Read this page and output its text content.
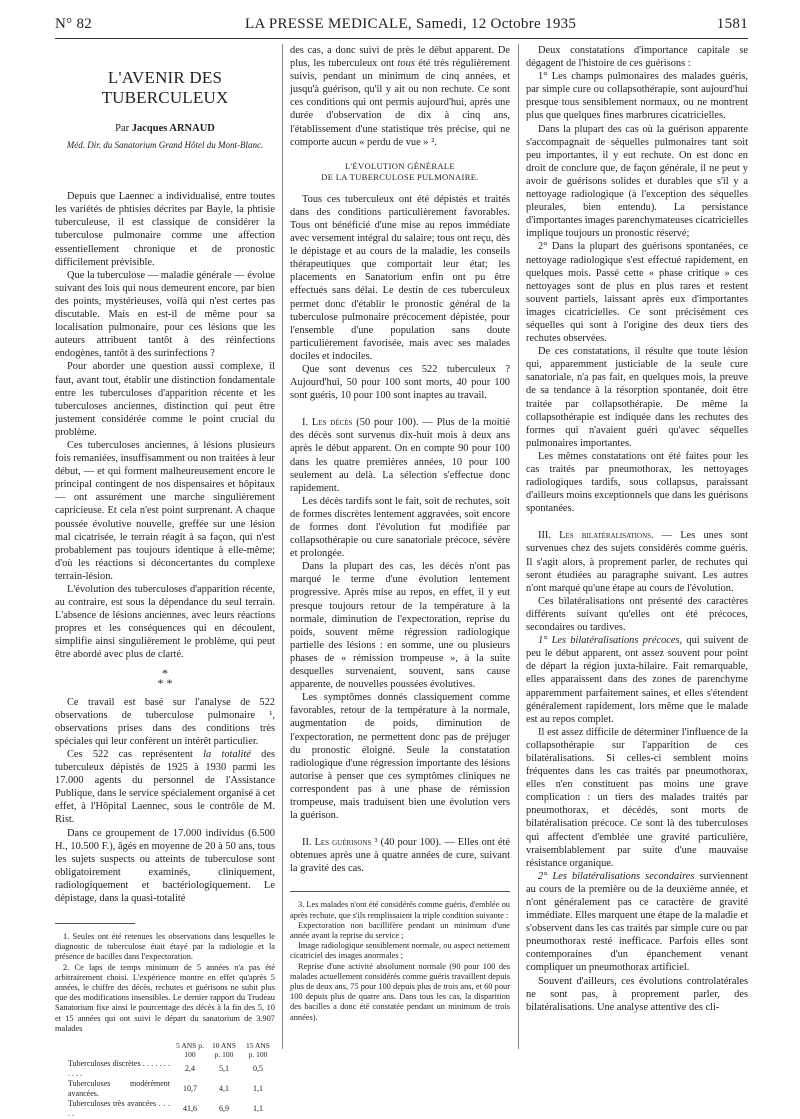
N° 82	LA PRESSE MEDICALE, Samedi, 12 Octobre 1935	1581

L'AVENIR DES TUBERCULEUX

Par Jacques ARNAUD

Méd. Dir. du Sanatorium Grand Hôtel du Mont-Blanc.

Depuis que Laennec a individualisé, entre toutes les variétés de phtisies décrites par Bayle, la phtisie tuberculeuse, il est classique de considérer la tuberculose pulmonaire comme une affection essentiellement chronique et de pronostic difficilement prévisible.

Que la tuberculose — maladie générale — évolue suivant des lois qui nous demeurent encore, par bien des points, mystérieuses, voilà qui n'est certes pas discutable. Mais en est-il de même pour sa localisation pulmonaire, pour ces lésions que les auteurs attribuent tantôt à des réinfections endogènes, tantôt à des surinfections ?

Pour aborder une question aussi complexe, il faut, avant tout, établir une distinction fondamentale entre les tuberculoses d'apparition récente et les tuberculoses anciennes, distinction qui peut être justement considérée comme le point crucial du problème.

Ces tuberculoses anciennes, à lésions plusieurs fois remaniées, insuffisamment ou non traitées à leur début, — et qui forment malheureusement encore le principal contingent de nos dispensaires et hôpitaux — ont assurément une marche singulièrement capricieuse. Et cela n'est point surprenant. A chaque poussée évolutive nouvelle, greffée sur une lésion mal cicatrisée, le terrain réagit à sa façon, qui n'est probablement pas toujours identique à elle-même; d'où les réactions si déconcertantes du complexe terrain-lésion.

L'évolution des tuberculoses d'apparition récente, au contraire, est sous la dépendance du seul terrain. L'absence de lésions anciennes, avec leurs réactions propres et les conséquences qui en découlent, simplifie ainsi singulièrement le problème, qui peut être abordé avec plus de clarté.

*
* *

Ce travail est basé sur l'analyse de 522 observations de tuberculose pulmonaire ¹, observations prises dans des conditions très spéciales qui leur confèrent un intérêt particulier.

Ces 522 cas représentent la totalité des tuberculeux dépistés de 1925 à 1930 parmi les 17.000 agents du personnel de l'Assistance Publique, dans le service spécialement organisé à cet effet, à l'Hôpital Laennec, sous le contrôle de M. Rist.

Dans ce groupement de 17.000 individus (6.500 H., 10.500 F.), âgés en moyenne de 20 à 50 ans, tous les sujets suspects ou atteints de tuberculose sont obligatoirement examinés, cliniquement, radiologiquement et bactériologiquement. Le dépistage, dans la quasi-totalité

1. Seules ont été retenues les observations dans lesquelles le diagnostic de tuberculose était étayé par la radiologie et la présence de bacilles dans l'expectoration.

2. Ce laps de temps minimum de 5 années n'a pas été arbitrairement choisi. L'expérience montre en effet qu'après 5 années, le chiffre des décès, rechutes et guérisons ne subit plus que des modifications insensibles. Le dernier rapport du Trudeau Sanatorium fixe ainsi le pourcentage des décès à la fin des 5, 10 et 15 années qui ont suivi le départ du sanatorium de 3.907 malades

	5 ANS p. 100	10 ANS p. 100	15 ANS p. 100
Tuberculoses discrètes . . . . . . . . . . .	2,4	5,1	0,5
Tuberculoses modérément avancées.	10,7	4,1	1,1
Tuberculoses très avancées . . . . .	41,6	6,9	1,1

des cas, a donc suivi de près le début apparent. De plus, les tuberculeux ont tous été très régulièrement suivis, pendant un minimum de cinq années, et jusqu'à guérison, qu'il y ait ou non rechute. Ce sont ces conditions qui ont permis aujourd'hui, après une durée d'observation de dix à cinq ans, l'établissement d'une statistique très précise, qui ne comporte aucun « perdu de vue » ².

L'ÉVOLUTION GÉNÉRALE
DE LA TUBERCULOSE PULMONAIRE.

Tous ces tuberculeux ont été dépistés et traités dans des conditions particulièrement favorables. Tous ont bénéficié d'une mise au repos immédiate avec versement intégral du salaire; tous ont reçu, dès le dépistage et au cours de la maladie, les conseils thérapeutiques que comportait leur état; les placements en Sanatorium enfin ont pu être effectués sans délai. Le destin de ces tuberculeux permet donc d'établir le pronostic général de la tuberculose pulmonaire précocement dépistée, pour l'ensemble d'une population sans doute particulièrement favorisée, mais avec ses malades dociles et indociles.

Que sont devenus ces 522 tuberculeux ? Aujourd'hui, 50 pour 100 sont morts, 40 pour 100 sont guéris, 10 pour 100 sont inaptes au travail.

I. Les décès (50 pour 100). — Plus de la moitié des décès sont survenus dix-huit mois à deux ans après le début apparent. On en compte 90 pour 100 dans les quatre premières années, 10 pour 100 seulement au delà. La sélection s'effectue donc rapidement.

Les décès tardifs sont le fait, soit de rechutes, soit de formes discrètes lentement aggravées, soit encore de formes dont l'évolution fut modifiée par collapsothérapie ou cure sanatoriale précoce, sévère et prolongée.

Dans la plupart des cas, les décès n'ont pas marqué le terme d'une évolution lentement progressive. Après mise au repos, en effet, il y eut presque toujours retour de la température à la normale, diminution de l'expectoration, reprise du poids, souvent même régression radiologique partielle des lésions : en somme, une ou plusieurs phases de « rémission trompeuse », à la suite desquelles survenaient, souvent, sans cause apparente, de nouvelles poussées évolutives.

Les symptômes donnés classiquement comme favorables, retour de la température à la normale, augmentation de poids, diminution de l'expectoration, ne permettent donc pas de préjuger du pronostic éloigné. Seule la constatation radiologique d'une régression importante des lésions autorise à penser que ces symptômes cliniques ne correspondent pas à une phase de rémission trompeuse, mais traduisent bien une évolution vers la guérison.

II. Les guérisons ³ (40 pour 100). — Elles ont été obtenues après une à quatre années de cure, suivant la gravité des cas.

3. Les malades n'ont été considérés comme guéris, d'emblée ou après rechute, que s'ils remplissaient la triple condition suivante :

Expectoration non bacillifère pendant un minimum d'une année avant la reprise du service ;

Image radiologique sensiblement normale, ou aspect nettement cicatriciel des images anormales ;

Reprise d'une activité absolument normale (90 pour 100 des malades actuellement considérés comme guéris travaillent depuis plus de deux ans, 75 pour 100 depuis plus de trois ans, et 60 pour 100 depuis plus de quatre ans. Dans tous les cas, la disparition des bacilles a donc été constatée pendant un minimum de trois années).

Deux constatations d'importance capitale se dégagent de l'histoire de ces guérisons :

1° Les champs pulmonaires des malades guéris, par simple cure ou collapsothérapie, sont aujourd'hui presque tous sensiblement normaux, ou ne montrent plus que quelques fines marbrures cicatricielles.

Dans la plupart des cas où la guérison apparente s'accompagnait de séquelles pulmonaires tant soit peu importantes, il y eut rechute. On est donc en droit de conclure que, de façon générale, il ne peut y avoir de guérisons solides et durables que s'il y a nettoyage radiologique (à l'exception des séquelles pleurales, bien entendu). La persistance d'importantes images parenchymateuses cicatricielles implique toujours un pronostic réservé;

2° Dans la plupart des guérisons spontanées, ce nettoyage radiologique s'est effectué rapidement, en quelques mois. Passé cette « phase critique » ces nettoyages sont de plus en plus rares et restent souvent partiels, laissant après eux d'importantes images cicatricielles. Ce sont précisément ces séquelles qui sont à l'origine des deux tiers des rechutes observées.

De ces constatations, il résulte que toute lésion qui, apparemment justiciable de la seule cure sanatoriale, n'a pas fait, en quelques mois, la preuve de sa tendance à la résorption spontanée, doit être traitée par collapsothérapie. De même la collapsothérapie est indiquée dans les rechutes des formes qui n'avaient guéri qu'avec séquelles pulmonaires importantes.

Les mêmes constatations ont été faites pour les cas traités par pneumothorax, les nettoyages radiologiques tardifs, sous collapsus, paraissant d'ailleurs moins exceptionnels que dans les guérisons spontanées.

III. Les bilatéralisations. — Les unes sont survenues chez des sujets considérés comme guéris. Il s'agit alors, à proprement parler, de rechutes qui seront étudiées au paragraphe suivant. Les autres n'ont marqué qu'une étape au cours de l'évolution.

Ces bilatéralisations ont présenté des caractères différents suivant qu'elles ont été précoces, secondaires ou tardives.

1° Les bilatéralisations précoces, qui suivent de peu le début apparent, ont assez souvent pour point de départ la région juxta-hilaire. Fait remarquable, elles apparaissent dans des zones de parenchyme apparemment parfaitement saines, et elles s'étendent généralement rapidement, lors même que le malade est au repos complet.

Il est assez difficile de déterminer l'influence de la collapsothérapie sur l'apparition de ces bilatéralisations. Si celles-ci semblent moins fréquentes dans les cas traités par pneumothorax, elles n'en constituent pas moins une grave complication : un tiers des malades traités par pneumothorax, et décédés, sont morts de bilatéralisation précoce. Ce sont là des tuberculoses qui affectent d'emblée une gravité particulière, vraisemblablement par suite d'une mauvaise résistance organique.

2° Les bilatéralisations secondaires surviennent au cours de la première ou de la deuxième année, et n'ont généralement pas ce caractère de gravité immédiate. Elles marquent une étape de la maladie et s'observent dans les cas traités par simple cure ou par pneumothorax resté inefficace. Parfois elles sont contemporaines d'un épanchement venant compliquer un pneumothorax artificiel.

Souvent d'ailleurs, ces évolutions controlatérales ne sont pas, à proprement parler, des bilatéralisations. Une analyse attentive des cli-
